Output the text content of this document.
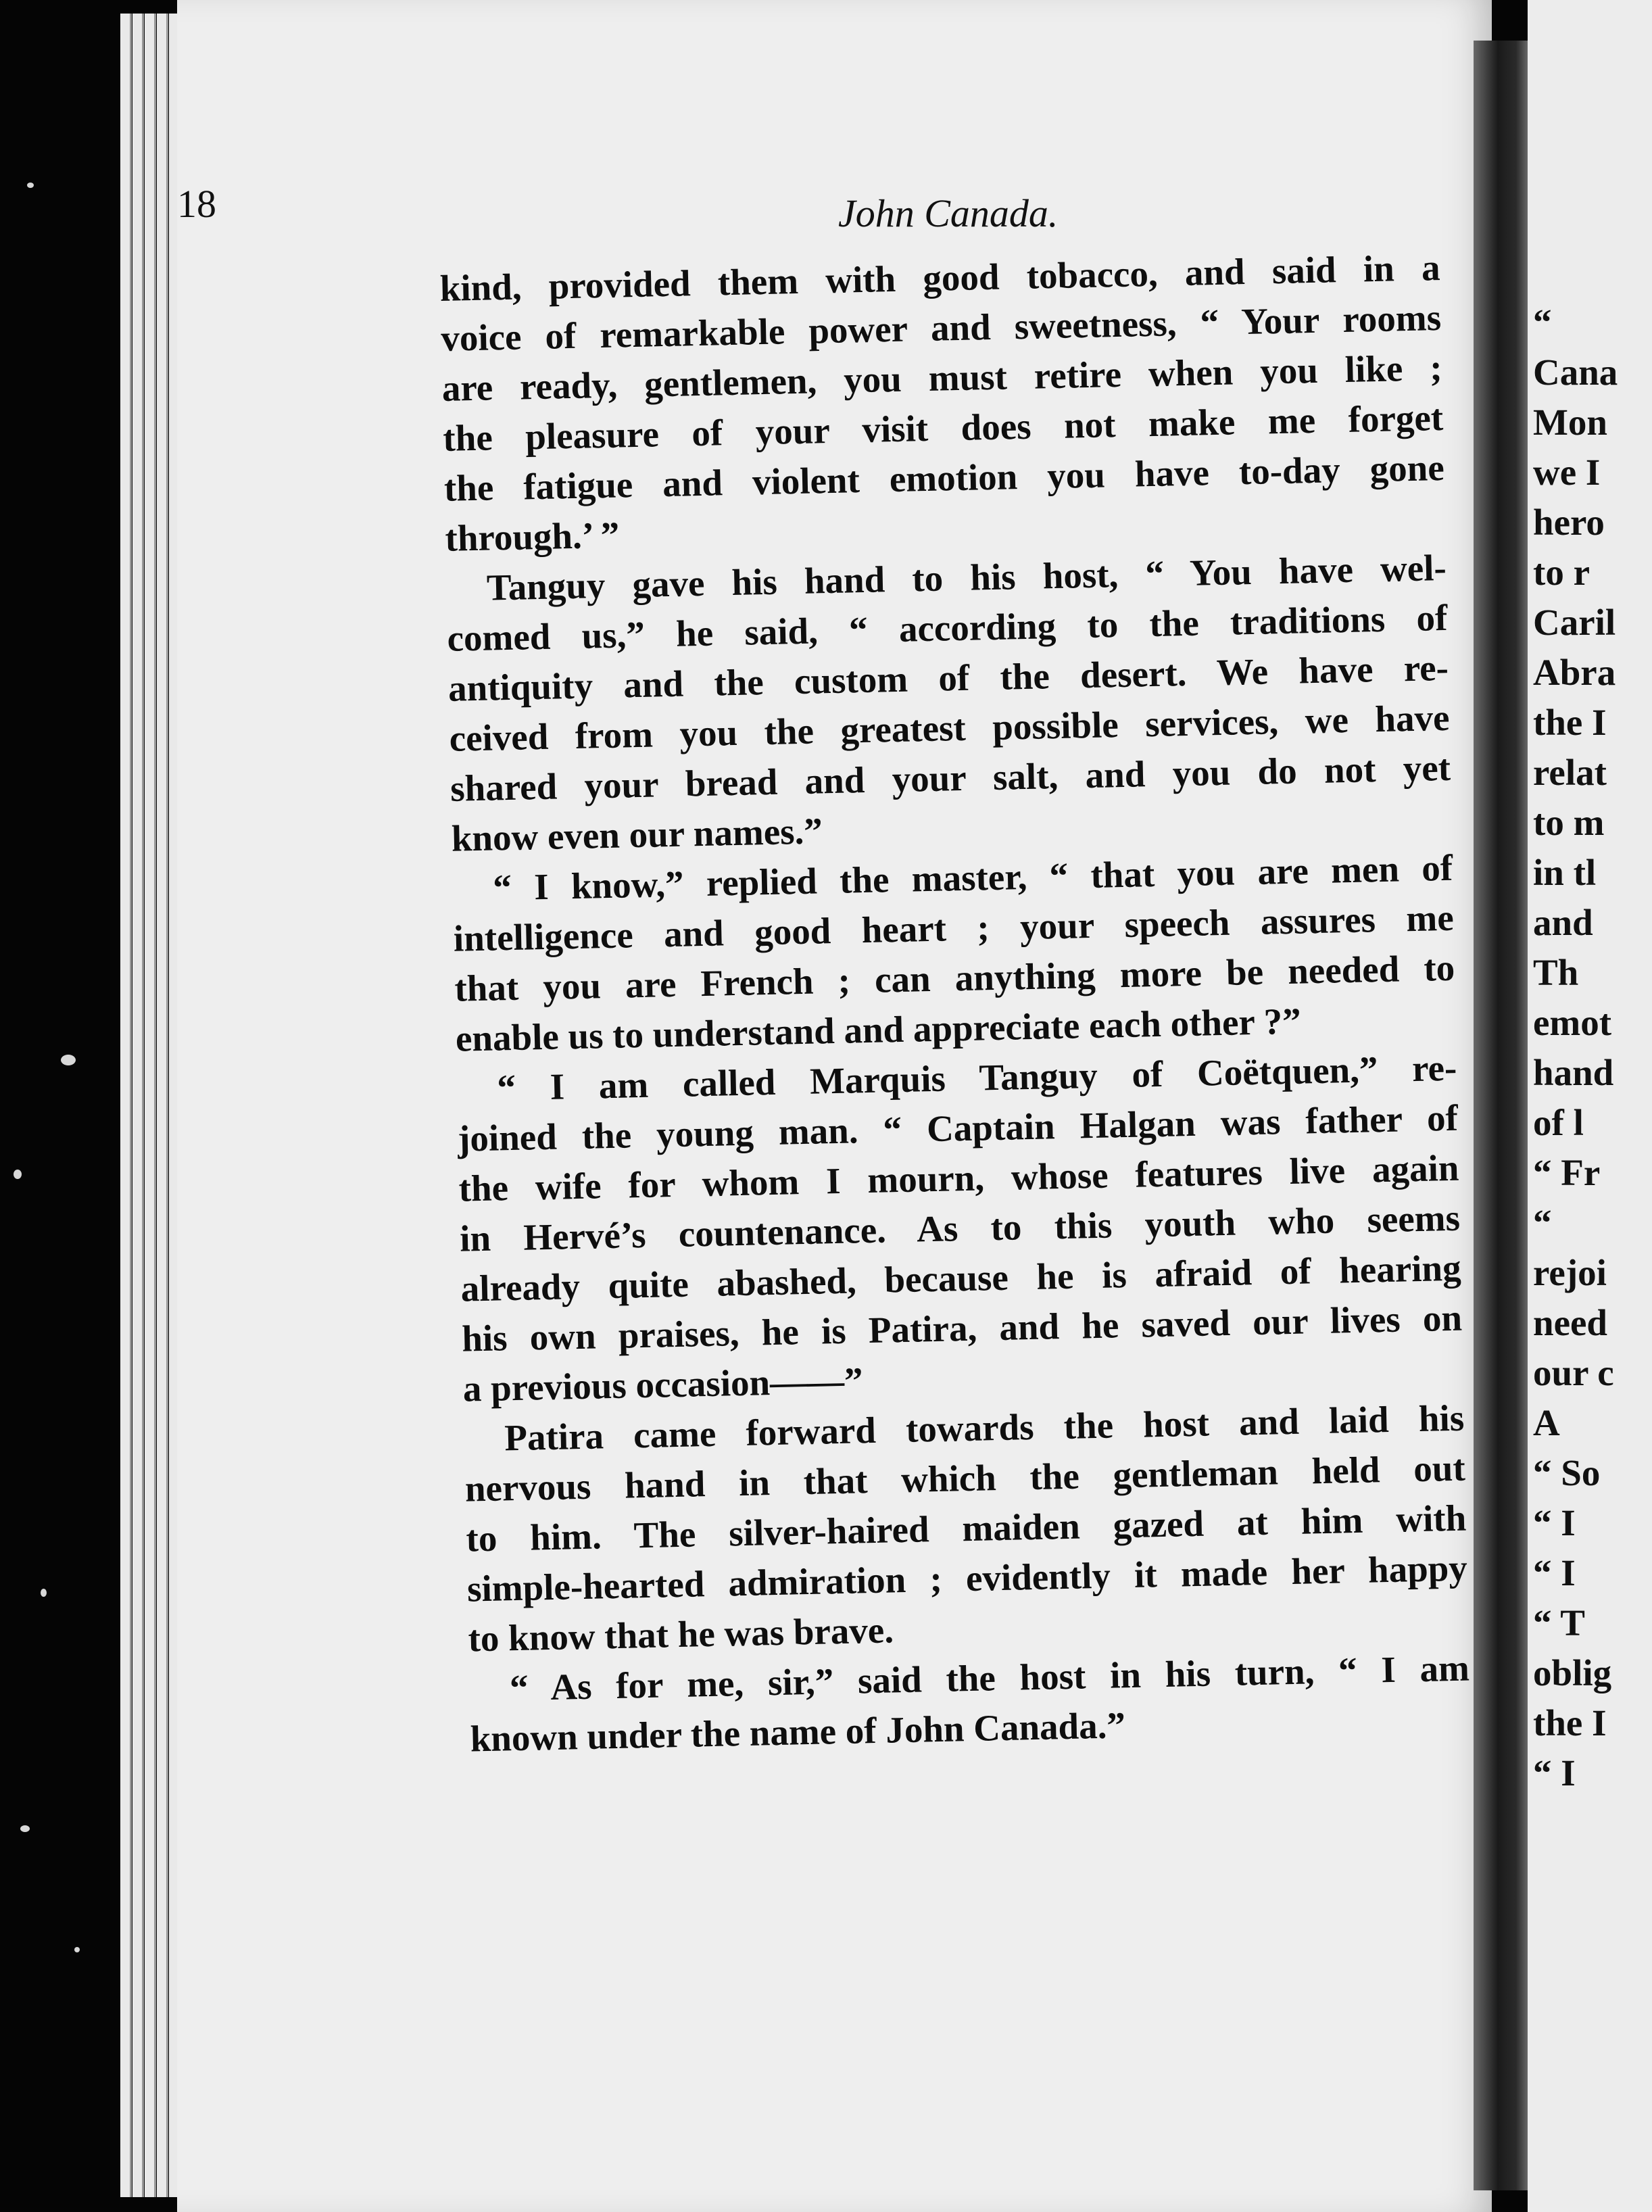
“
Cana
Mon
we I
hero
to r
Caril
Abra
the I
relat
to m
in tl
and
Th
emot
hand
of l
“ Fr
“
rejoi
need
our c
A
“ So
“ I
“ I
“ T
oblig
the I
“ I
18	John Canada.
kind, provided them with good tobacco, and said in a
voice of remarkable power and sweetness, “ Your rooms
are ready, gentlemen, you must retire when you like ;
the pleasure of your visit does not make me forget
the fatigue and violent emotion you have to-day gone
through.’ ”
Tanguy gave his hand to his host, “ You have wel-
comed us,” he said, “ according to the traditions of
antiquity and the custom of the desert. We have re-
ceived from you the greatest possible services, we have
shared your bread and your salt, and you do not yet
know even our names.”
“ I know,” replied the master, “ that you are men of
intelligence and good heart ; your speech assures me
that you are French ; can anything more be needed to
enable us to understand and appreciate each other ?”
“ I am called Marquis Tanguy of Coëtquen,” re-
joined the young man. “ Captain Halgan was father of
the wife for whom I mourn, whose features live again
in Hervé’s countenance. As to this youth who seems
already quite abashed, because he is afraid of hearing
his own praises, he is Patira, and he saved our lives on
a previous occasion——”
Patira came forward towards the host and laid his
nervous hand in that which the gentleman held out
to him. The silver-haired maiden gazed at him with
simple-hearted admiration ; evidently it made her happy
to know that he was brave.
“ As for me, sir,” said the host in his turn, “ I am
known under the name of John Canada.”
